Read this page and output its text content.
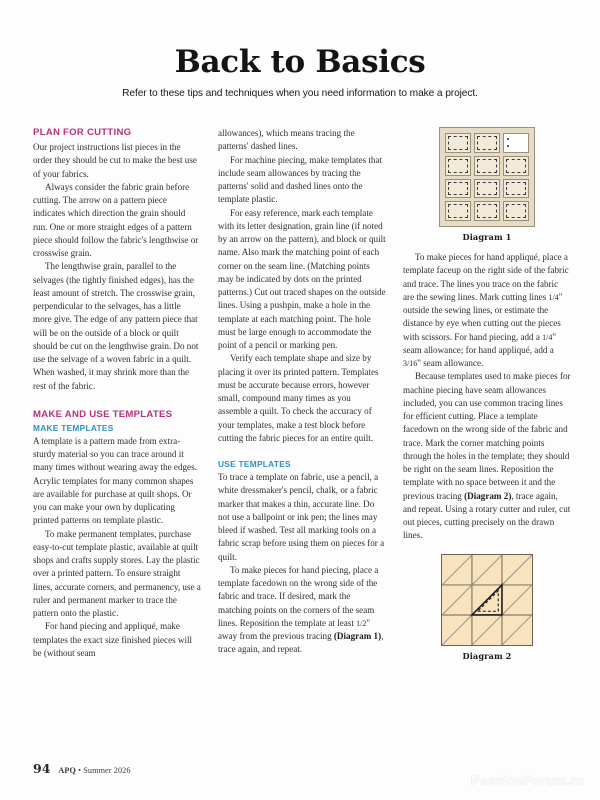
Back to Basics

Refer to these tips and techniques when you need information to make a project.

PLAN FOR CUTTING

Our project instructions list pieces in the order they should be cut to make the best use of your fabrics.

Always consider the fabric grain before cutting. The arrow on a pattern piece indicates which direction the grain should run. One or more straight edges of a pattern piece should follow the fabric's lengthwise or crosswise grain.

The lengthwise grain, parallel to the selvages (the tightly finished edges), has the least amount of stretch. The crosswise grain, perpendicular to the selvages, has a little more give. The edge of any pattern piece that will be on the outside of a block or quilt should be cut on the lengthwise grain. Do not use the selvage of a woven fabric in a quilt. When washed, it may shrink more than the rest of the fabric.

MAKE AND USE TEMPLATES
MAKE TEMPLATES

A template is a pattern made from extra-sturdy material so you can trace around it many times without wearing away the edges. Acrylic templates for many common shapes are available for purchase at quilt shops. Or you can make your own by duplicating printed patterns on template plastic.

To make permanent templates, purchase easy-to-cut template plastic, available at quilt shops and crafts supply stores. Lay the plastic over a printed pattern. To ensure straight lines, accurate corners, and permanency, use a ruler and permanent marker to trace the pattern onto the plastic.

For hand piecing and appliqué, make templates the exact size finished pieces will be (without seam

allowances), which means tracing the patterns' dashed lines.

For machine piecing, make templates that include seam allowances by tracing the patterns' solid and dashed lines onto the template plastic.

For easy reference, mark each template with its letter designation, grain line (if noted by an arrow on the pattern), and block or quilt name. Also mark the matching point of each corner on the seam line. (Matching points may be indicated by dots on the printed patterns.) Cut out traced shapes on the outside lines. Using a pushpin, make a hole in the template at each matching point. The hole must be large enough to accommodate the point of a pencil or marking pen.

Verify each template shape and size by placing it over its printed pattern. Templates must be accurate because errors, however small, compound many times as you assemble a quilt. To check the accuracy of your templates, make a test block before cutting the fabric pieces for an entire quilt.

USE TEMPLATES

To trace a template on fabric, use a pencil, a white dressmaker's pencil, chalk, or a fabric marker that makes a thin, accurate line. Do not use a ballpoint or ink pen; the lines may bleed if washed. Test all marking tools on a fabric scrap before using them on pieces for a quilt.

To make pieces for hand piecing, place a template facedown on the wrong side of the fabric and trace. If desired, mark the matching points on the corners of the seam lines. Reposition the template at least 1/2" away from the previous tracing (Diagram 1), trace again, and repeat.

Diagram 1

To make pieces for hand appliqué, place a template faceup on the right side of the fabric and trace. The lines you trace on the fabric are the sewing lines. Mark cutting lines 1/4" outside the sewing lines, or estimate the distance by eye when cutting out the pieces with scissors. For hand piecing, add a 1/4" seam allowance; for hand appliqué, add a 3/16" seam allowance.

Because templates used to make pieces for machine piecing have seam allowances included, you can use common tracing lines for efficient cutting. Place a template facedown on the wrong side of the fabric and trace. Mark the corner matching points through the holes in the template; they should be right on the seam lines. Reposition the template with no space between it and the previous tracing (Diagram 2), trace again, and repeat. Using a rotary cutter and ruler, cut out pieces, cutting precisely on the drawn lines.

Diagram 2
94 APQ • Summer 2026
PassionForum.ru
